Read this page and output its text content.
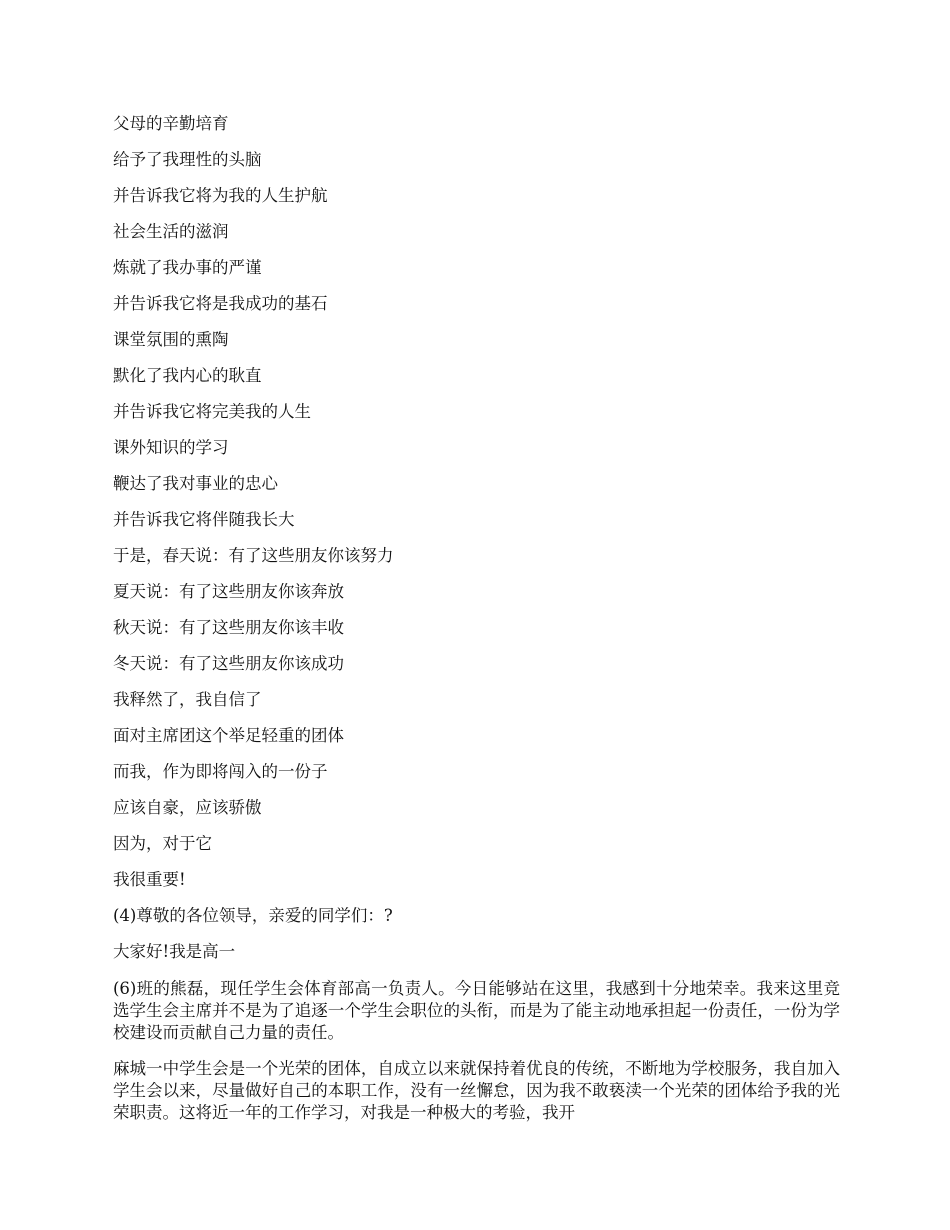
父母的辛勤培育
给予了我理性的头脑
并告诉我它将为我的人生护航
社会生活的滋润
炼就了我办事的严谨
并告诉我它将是我成功的基石
课堂氛围的熏陶
默化了我内心的耿直
并告诉我它将完美我的人生
课外知识的学习
鞭达了我对事业的忠心
并告诉我它将伴随我长大
于是，春天说：有了这些朋友你该努力
夏天说：有了这些朋友你该奔放
秋天说：有了这些朋友你该丰收
冬天说：有了这些朋友你该成功
我释然了，我自信了
面对主席团这个举足轻重的团体
而我，作为即将闯入的一份子
应该自豪，应该骄傲
因为，对于它
我很重要!
(4)尊敬的各位领导，亲爱的同学们：?
大家好!我是高一

(6)班的熊磊，现任学生会体育部高一负责人。今日能够站在这里，我感到十分地荣幸。我来这里竞选学生会主席并不是为了追逐一个学生会职位的头衔，而是为了能主动地承担起一份责任，一份为学校建设而贡献自己力量的责任。

麻城一中学生会是一个光荣的团体，自成立以来就保持着优良的传统，不断地为学校服务，我自加入学生会以来，尽量做好自己的本职工作，没有一丝懈怠，因为我不敢亵渎一个光荣的团体给予我的光荣职责。这将近一年的工作学习，对我是一种极大的考验，我开
